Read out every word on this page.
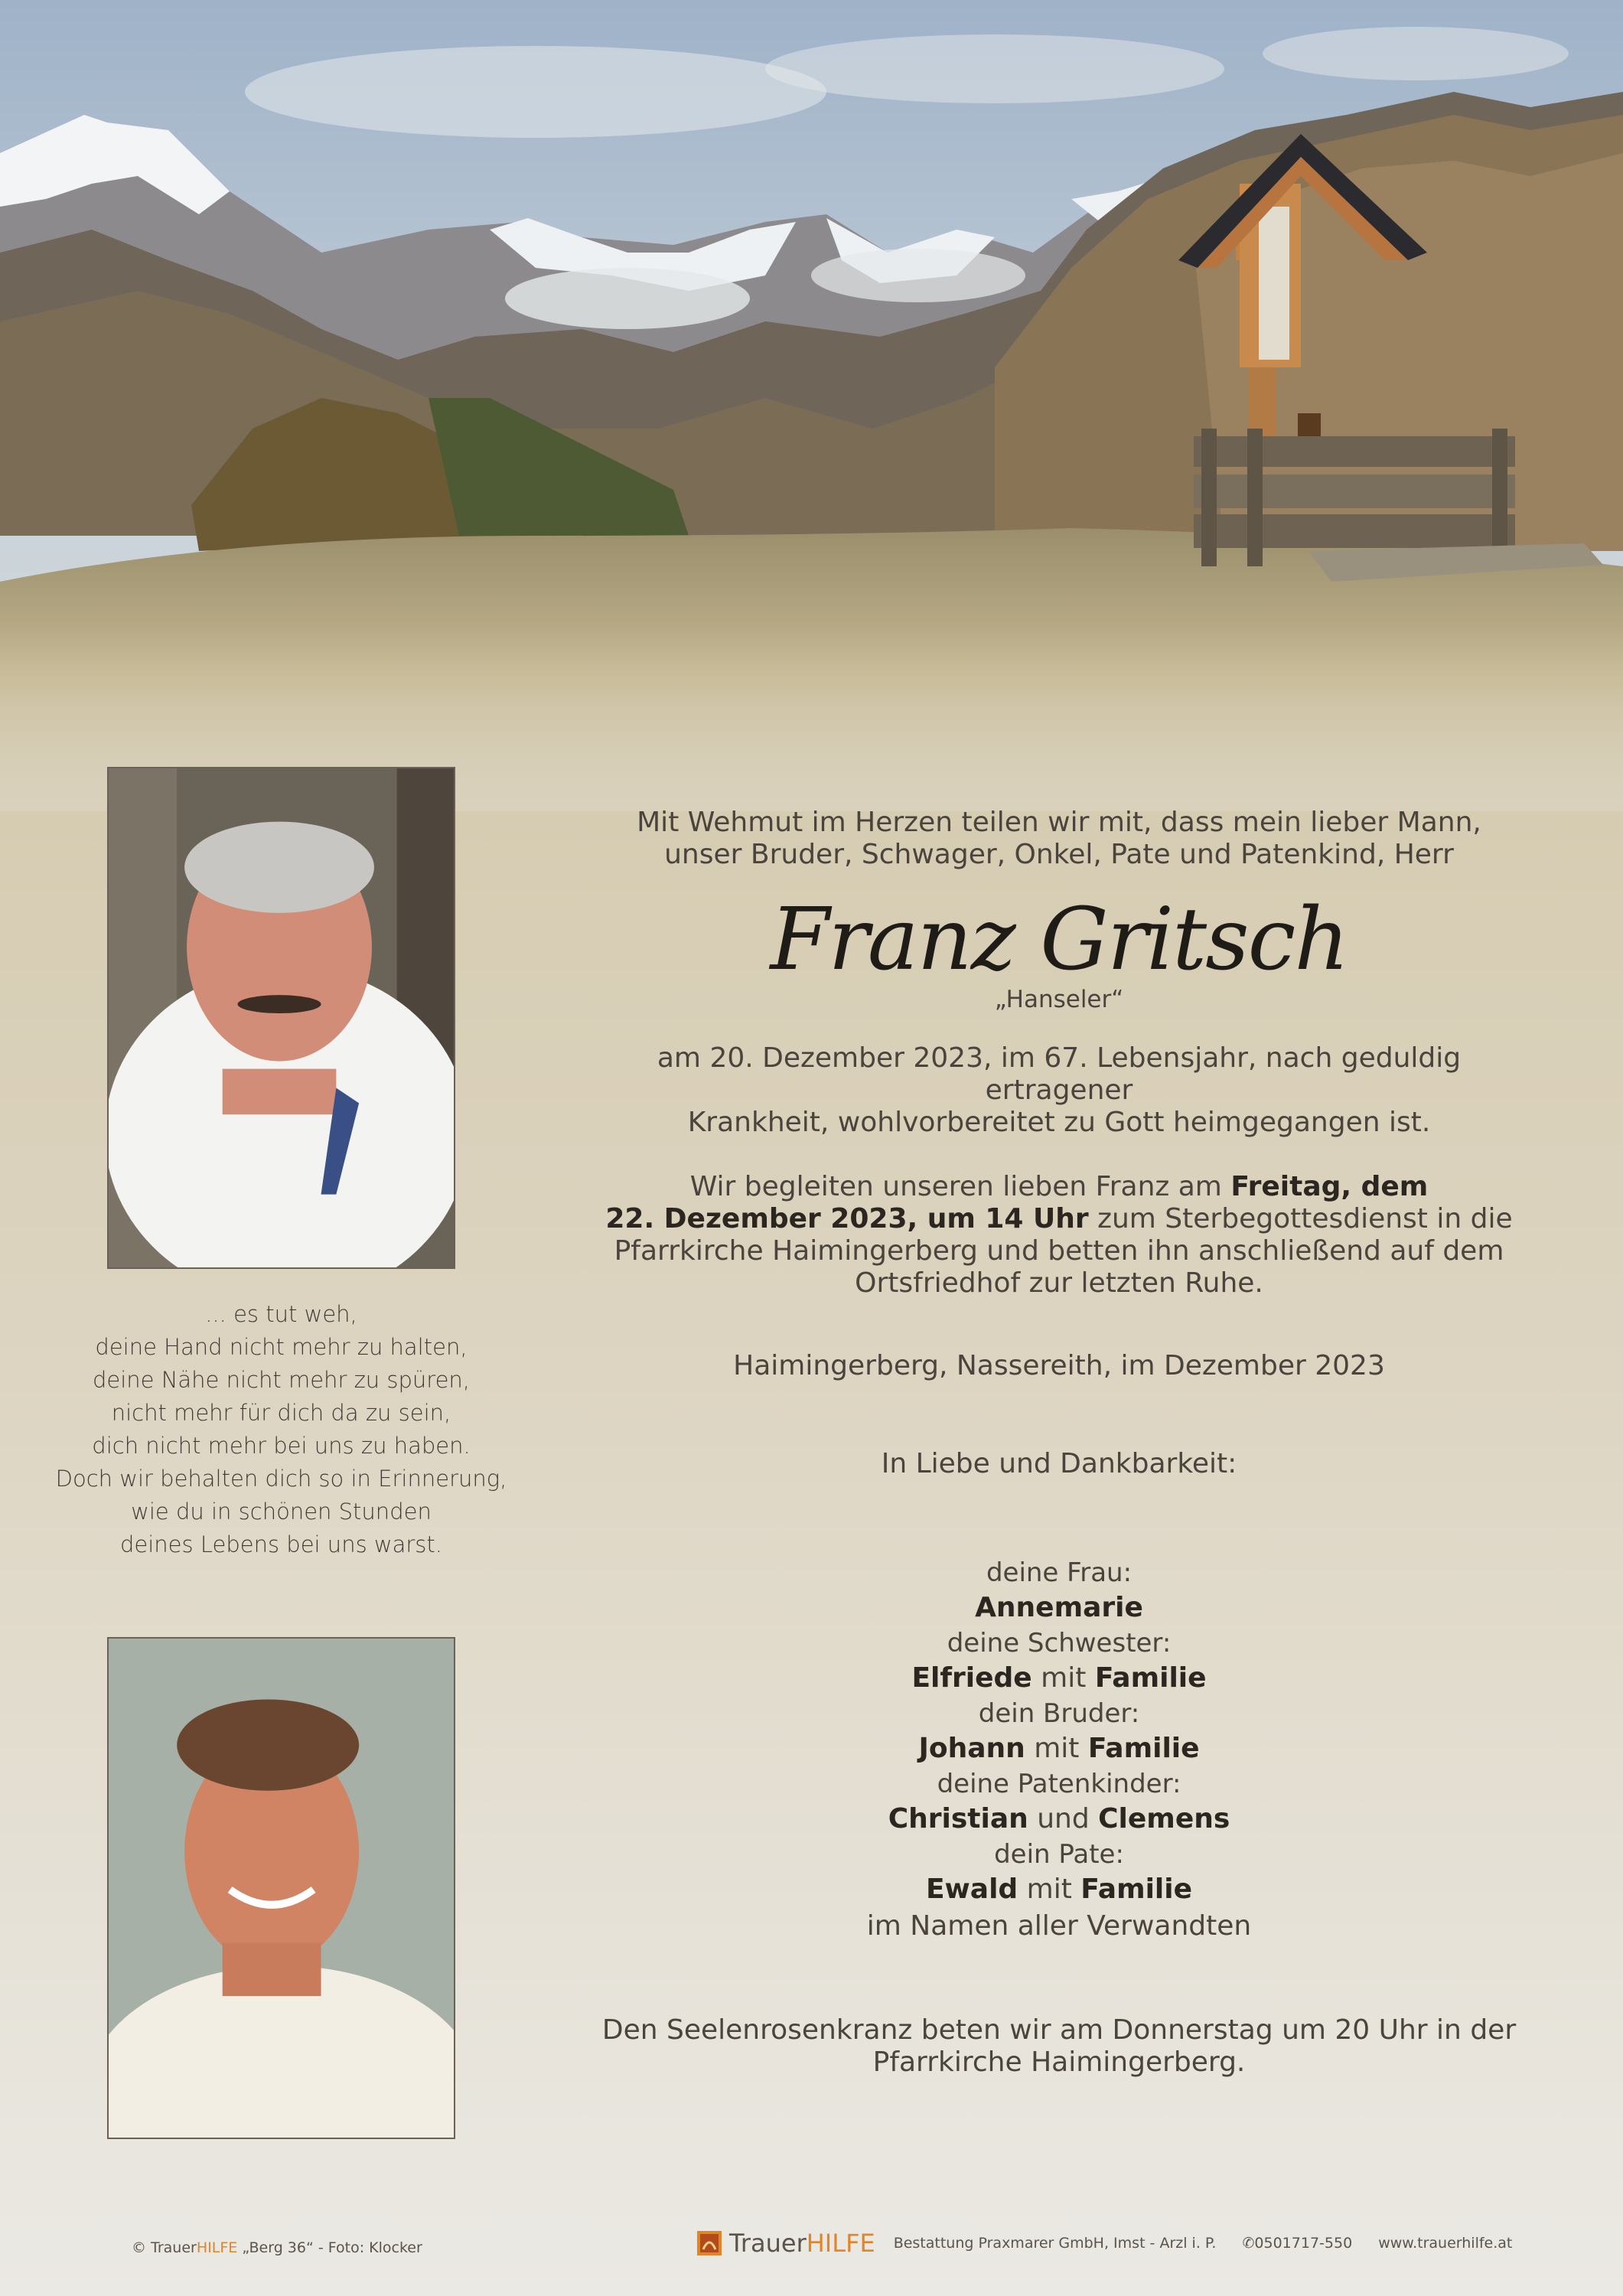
... es tut weh,
deine Hand nicht mehr zu halten,
deine Nähe nicht mehr zu spüren,
nicht mehr für dich da zu sein,
dich nicht mehr bei uns zu haben.
Doch wir behalten dich so in Erinnerung,
wie du in schönen Stunden
deines Lebens bei uns warst.
Mit Wehmut im Herzen teilen wir mit, dass mein lieber Mann,
unser Bruder, Schwager, Onkel, Pate und Patenkind, Herr
Franz Gritsch
„Hanseler“
am 20. Dezember 2023, im 67. Lebensjahr, nach geduldig ertragener
Krankheit, wohlvorbereitet zu Gott heimgegangen ist.
Wir begleiten unseren lieben Franz am Freitag, dem
22. Dezember 2023, um 14 Uhr zum Sterbegottesdienst in die
Pfarrkirche Haimingerberg und betten ihn anschließend auf dem
Ortsfriedhof zur letzten Ruhe.
Haimingerberg, Nassereith, im Dezember 2023
In Liebe und Dankbarkeit:
deine Frau:
Annemarie
deine Schwester:
Elfriede mit Familie
dein Bruder:
Johann mit Familie
deine Patenkinder:
Christian und Clemens
dein Pate:
Ewald mit Familie
im Namen aller Verwandten
Den Seelenrosenkranz beten wir am Donnerstag um 20 Uhr in der
Pfarrkirche Haimingerberg.
© TrauerHILFE „Berg 36“ - Foto: Klocker	TrauerHILFE Bestattung Praxmarer GmbH, Imst - Arzl i. P. ✆0501717-550 www.trauerhilfe.at
